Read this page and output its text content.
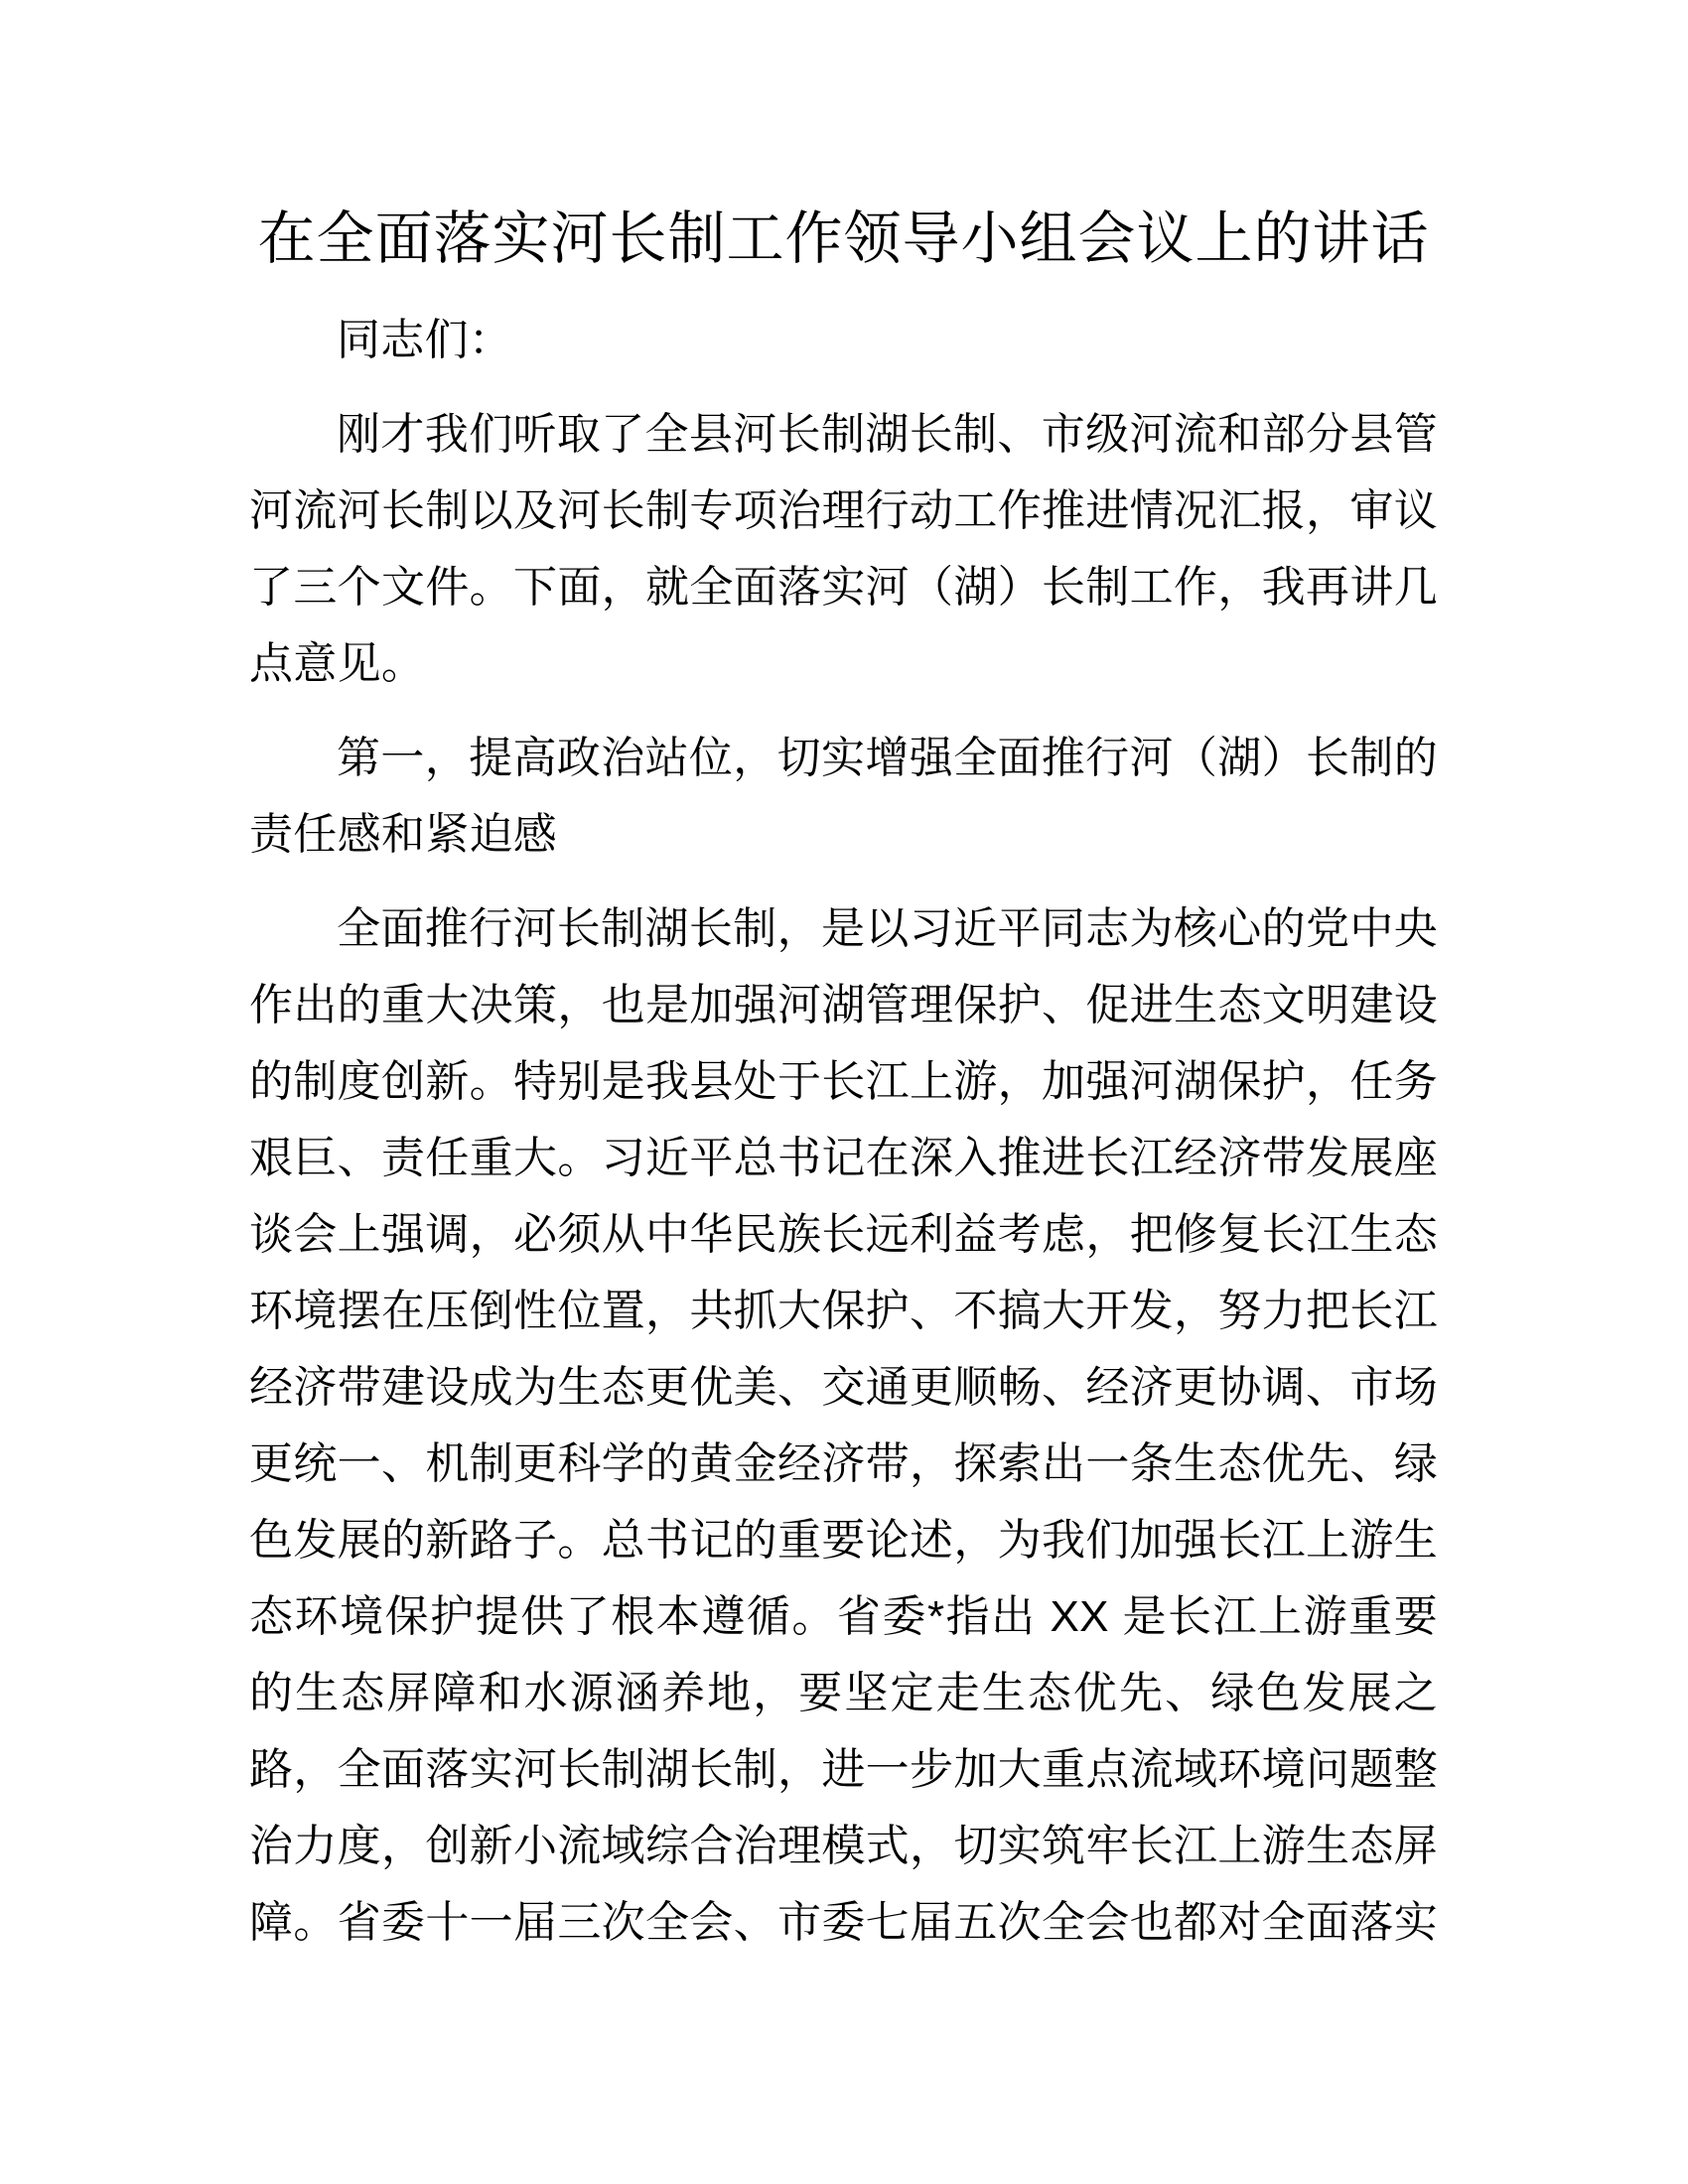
在全面落实河长制工作领导小组会议上的讲话
同志们：
刚才我们听取了全县河长制湖长制、市级河流和部分县管
河流河长制以及河长制专项治理行动工作推进情况汇报，审议
了三个文件。下面，就全面落实河（湖）长制工作，我再讲几
点意见。
第一，提高政治站位，切实增强全面推行河（湖）长制的
责任感和紧迫感
全面推行河长制湖长制，是以习近平同志为核心的党中央
作出的重大决策，也是加强河湖管理保护、促进生态文明建设
的制度创新。特别是我县处于长江上游，加强河湖保护，任务
艰巨、责任重大。习近平总书记在深入推进长江经济带发展座
谈会上强调，必须从中华民族长远利益考虑，把修复长江生态
环境摆在压倒性位置，共抓大保护、不搞大开发，努力把长江
经济带建设成为生态更优美、交通更顺畅、经济更协调、市场
更统一、机制更科学的黄金经济带，探索出一条生态优先、绿
色发展的新路子。总书记的重要论述，为我们加强长江上游生
态环境保护提供了根本遵循。省委*指出 XX 是长江上游重要
的生态屏障和水源涵养地，要坚定走生态优先、绿色发展之
路，全面落实河长制湖长制，进一步加大重点流域环境问题整
治力度，创新小流域综合治理模式，切实筑牢长江上游生态屏
障。省委十一届三次全会、市委七届五次全会也都对全面落实
